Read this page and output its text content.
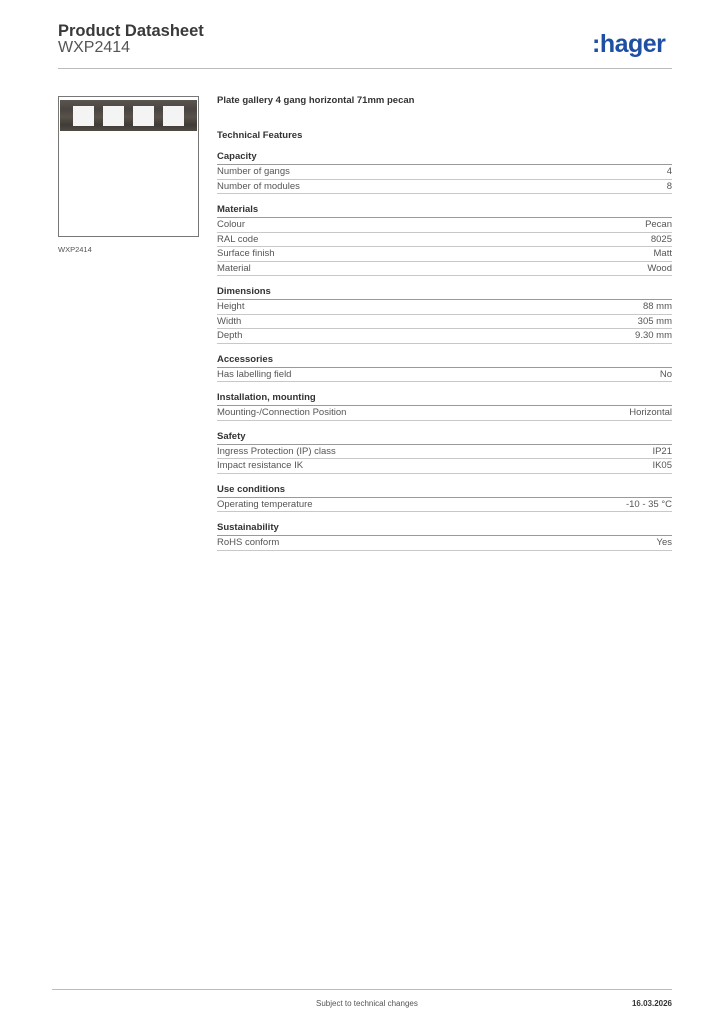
Product Datasheet
WXP2414	:hager
WXP2414
Plate gallery 4 gang horizontal 71mm pecan
Technical Features
Capacity
Number of gangs	4
Number of modules	8
Materials
Colour	Pecan
RAL code	8025
Surface finish	Matt
Material	Wood
Dimensions
Height	88 mm
Width	305 mm
Depth	9.30 mm
Accessories
Has labelling field	No
Installation, mounting
Mounting-/Connection Position	Horizontal
Safety
Ingress Protection (IP) class	IP21
Impact resistance IK	IK05
Use conditions
Operating temperature	-10 - 35 °C
Sustainability
RoHS conform	Yes
Subject to technical changes	16.03.2026
